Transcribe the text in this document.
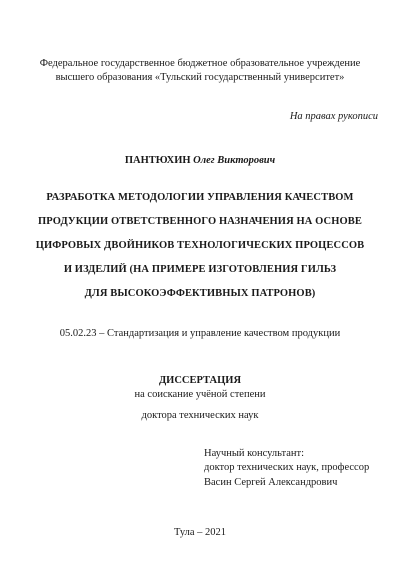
Федеральное государственное бюджетное образовательное учреждение
высшего образования «Тульский государственный университет»
На правах рукописи
ПАНТЮХИН Олег Викторович
РАЗРАБОТКА МЕТОДОЛОГИИ УПРАВЛЕНИЯ КАЧЕСТВОМ
ПРОДУКЦИИ ОТВЕТСТВЕННОГО НАЗНАЧЕНИЯ НА ОСНОВЕ
ЦИФРОВЫХ ДВОЙНИКОВ ТЕХНОЛОГИЧЕСКИХ ПРОЦЕССОВ
И ИЗДЕЛИЙ (НА ПРИМЕРЕ ИЗГОТОВЛЕНИЯ ГИЛЬЗ
ДЛЯ ВЫСОКОЭФФЕКТИВНЫХ ПАТРОНОВ)
05.02.23 – Стандартизация и управление качеством продукции
ДИССЕРТАЦИЯ
на соискание учёной степени
доктора технических наук
Научный консультант:
доктор технических наук, профессор
Васин Сергей Александрович
Тула – 2021
